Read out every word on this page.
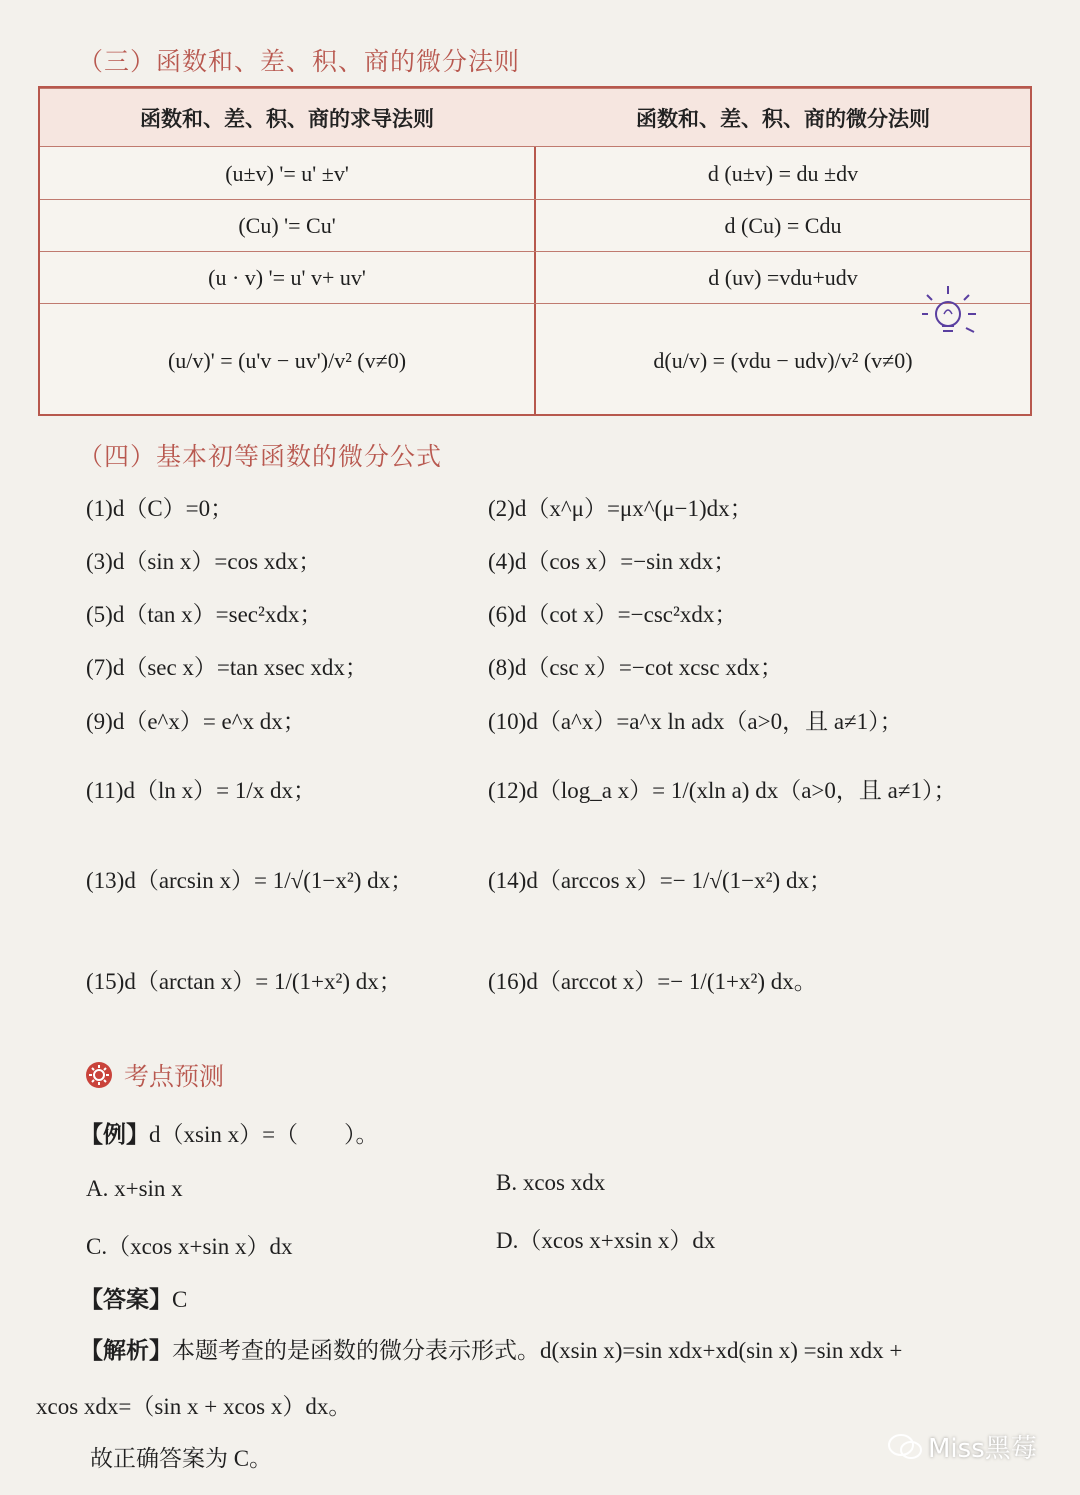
（三）函数和、差、积、商的微分法则
函数和、差、积、商的求导法则	函数和、差、积、商的微分法则
(u±v) '= u' ±v'	d (u±v) = du ±dv
(Cu) '= Cu'	d (Cu) = Cdu
(u · v) '= u' v+ uv'	d (uv) =vdu+udv
(u/v)' = (u'v − uv')/v² (v≠0)	d(u/v) = (vdu − udv)/v² (v≠0)
（四）基本初等函数的微分公式
(1)d（C）=0；
(3)d（sin x）=cos xdx；
(5)d（tan x）=sec²xdx；
(7)d（sec x）=tan xsec xdx；
(9)d（e^x）= e^x dx；
(11)d（ln x）= 1/x dx；
(13)d（arcsin x）= 1/√(1−x²) dx；
(15)d（arctan x）= 1/(1+x²) dx；
(2)d（x^μ）=μx^(μ−1)dx；
(4)d（cos x）=−sin xdx；
(6)d（cot x）=−csc²xdx；
(8)d（csc x）=−cot xcsc xdx；
(10)d（a^x）=a^x ln adx（a>0，且 a≠1）；
(12)d（log_a x）= 1/(xln a) dx（a>0，且 a≠1）；
(14)d（arccos x）=− 1/√(1−x²) dx；
(16)d（arccot x）=− 1/(1+x²) dx。
考点预测
【例】d（xsin x）=（　　）。
A. x+sin x	B. xcos xdx
C.（xcos x+sin x）dx	D.（xcos x+xsin x）dx
【答案】C
【解析】本题考查的是函数的微分表示形式。d(xsin x)=sin xdx+xd(sin x) =sin xdx +
xcos xdx=（sin x + xcos x）dx。
故正确答案为 C。	Miss黑莓
